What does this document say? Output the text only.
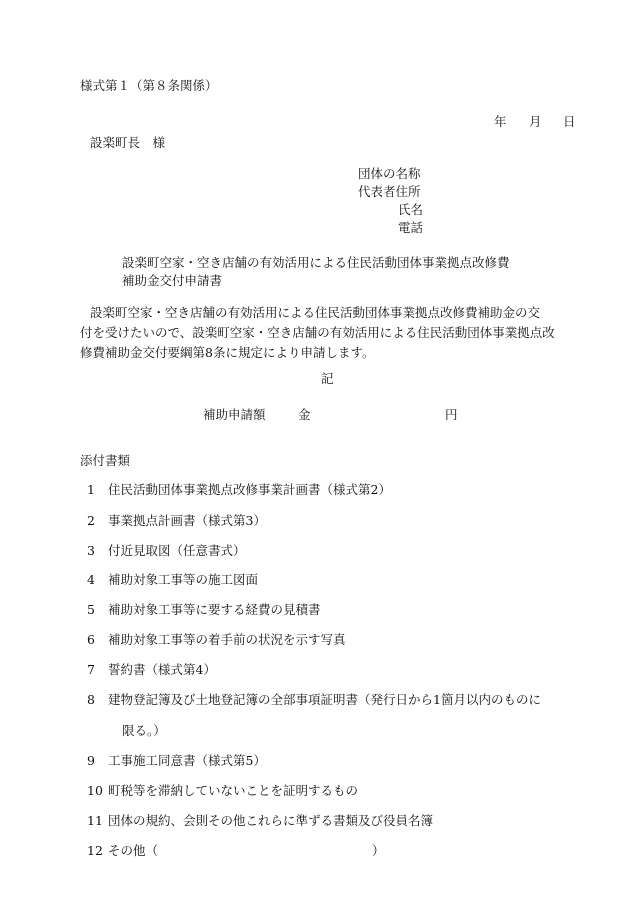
様式第１（第８条関係）
年 月 日
設楽町長　様
団体の名称
代表者住所
氏名
電話
設楽町空家・空き店舗の有効活用による住民活動団体事業拠点改修費
補助金交付申請書
設楽町空家・空き店舗の有効活用による住民活動団体事業拠点改修費補助金の交
付を受けたいので、設楽町空家・空き店舗の有効活用による住民活動団体事業拠点改
修費補助金交付要綱第8条に規定により申請します。
記
補助申請額	金	円
添付書類
1 住民活動団体事業拠点改修事業計画書（様式第2）
2 事業拠点計画書（様式第3）
3 付近見取図（任意書式）
4 補助対象工事等の施工図面
5 補助対象工事等に要する経費の見積書
6 補助対象工事等の着手前の状況を示す写真
7 誓約書（様式第4）
8 建物登記簿及び土地登記簿の全部事項証明書（発行日から1箇月以内のものに
限る。）
9 工事施工同意書（様式第5）
10 町税等を滞納していないことを証明するもの
11 団体の規約、会則その他これらに準ずる書類及び役員名簿
12 その他（	）
